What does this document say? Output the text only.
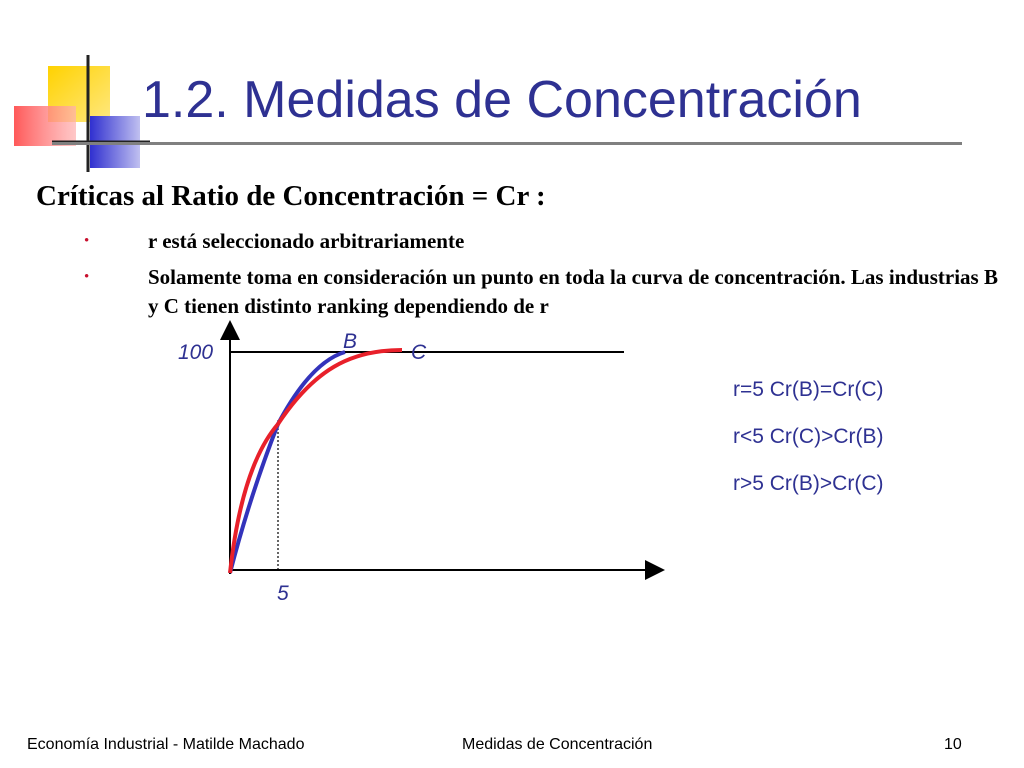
1.2. Medidas de Concentración
Críticas al Ratio de Concentración = Cr :
•	r está seleccionado arbitrariamente
•	Solamente toma en consideración un punto en toda la curva de concentración. Las industrias B y C tienen distinto ranking dependiendo de r
100
5
B	C
r=5 Cr(B)=Cr(C)
r<5 Cr(C)>Cr(B)
r>5 Cr(B)>Cr(C)
Economía Industrial - Matilde Machado	Medidas de Concentración	10
